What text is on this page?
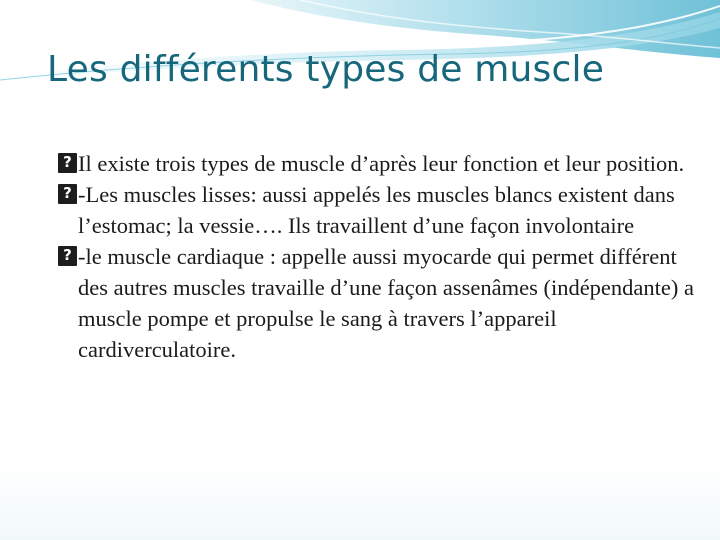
Les différents types de muscle
?
Il existe trois types de muscle d’après leur fonction et leur position.
?
-Les muscles lisses: aussi appelés les muscles blancs existent dans l’estomac; la vessie…. Ils travaillent d’une façon involontaire
?
-le muscle cardiaque : appelle aussi myocarde qui permet différent des autres muscles travaille d’une façon assenâmes (indépendante) a muscle pompe et propulse le sang à travers l’appareil cardiverculatoire.
